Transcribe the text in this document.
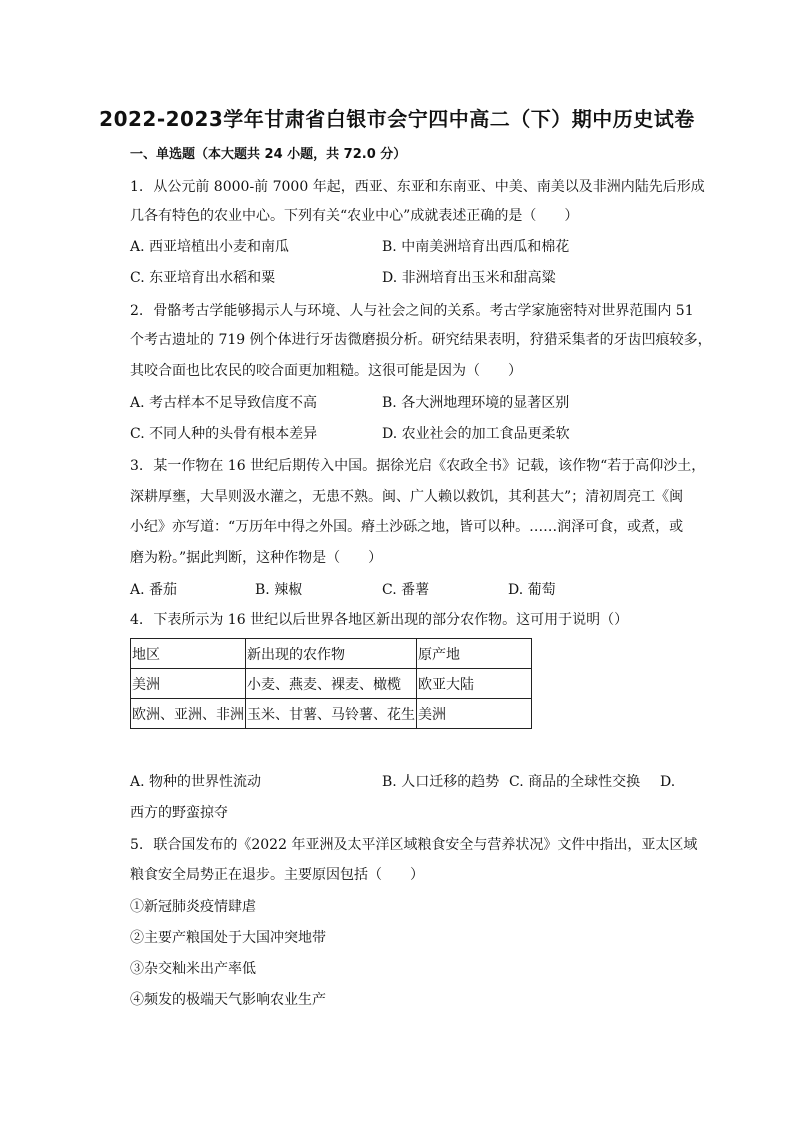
2022-2023学年甘肃省白银市会宁四中高二（下）期中历史试卷
一、单选题（本大题共 24 小题，共 72.0 分）
1. 从公元前 8000-前 7000 年起，西亚、东亚和东南亚、中美、南美以及非洲内陆先后形成
几各有特色的农业中心。下列有关“农业中心”成就表述正确的是（　　）
A. 西亚培植出小麦和南瓜	B. 中南美洲培育出西瓜和棉花
C. 东亚培育出水稻和粟	D. 非洲培育出玉米和甜高粱
2. 骨骼考古学能够揭示人与环境、人与社会之间的关系。考古学家施密特对世界范围内 51
个考古遗址的 719 例个体进行牙齿微磨损分析。研究结果表明，狩猎采集者的牙齿凹痕较多，
其咬合面也比农民的咬合面更加粗糙。这很可能是因为（　　）
A. 考古样本不足导致信度不高	B. 各大洲地理环境的显著区别
C. 不同人种的头骨有根本差异	D. 农业社会的加工食品更柔软
3. 某一作物在 16 世纪后期传入中国。据徐光启《农政全书》记载，该作物“若于高仰沙土，
深耕厚壅，大旱则汲水灌之，无患不熟。闽、广人赖以救饥，其利甚大”；清初周亮工《闽
小纪》亦写道：“万历年中得之外国。瘠土沙砾之地，皆可以种。……润泽可食，或煮，或
磨为粉。”据此判断，这种作物是（　　）
A. 番茄	B. 辣椒	C. 番薯	D. 葡萄
4. 下表所示为 16 世纪以后世界各地区新出现的部分农作物。这可用于说明（）
地区	新出现的农作物	原产地
美洲	小麦、燕麦、裸麦、橄榄	欧亚大陆
欧洲、亚洲、非洲	玉米、甘薯、马铃薯、花生	美洲
A. 物种的世界性流动	B. 人口迁移的趋势 C. 商品的全球性交换 D.
西方的野蛮掠夺
5. 联合国发布的《2022 年亚洲及太平洋区域粮食安全与营养状况》文件中指出，亚太区域
粮食安全局势正在退步。主要原因包括（　　）
①新冠肺炎疫情肆虐
②主要产粮国处于大国冲突地带
③杂交籼米出产率低
④频发的极端天气影响农业生产
